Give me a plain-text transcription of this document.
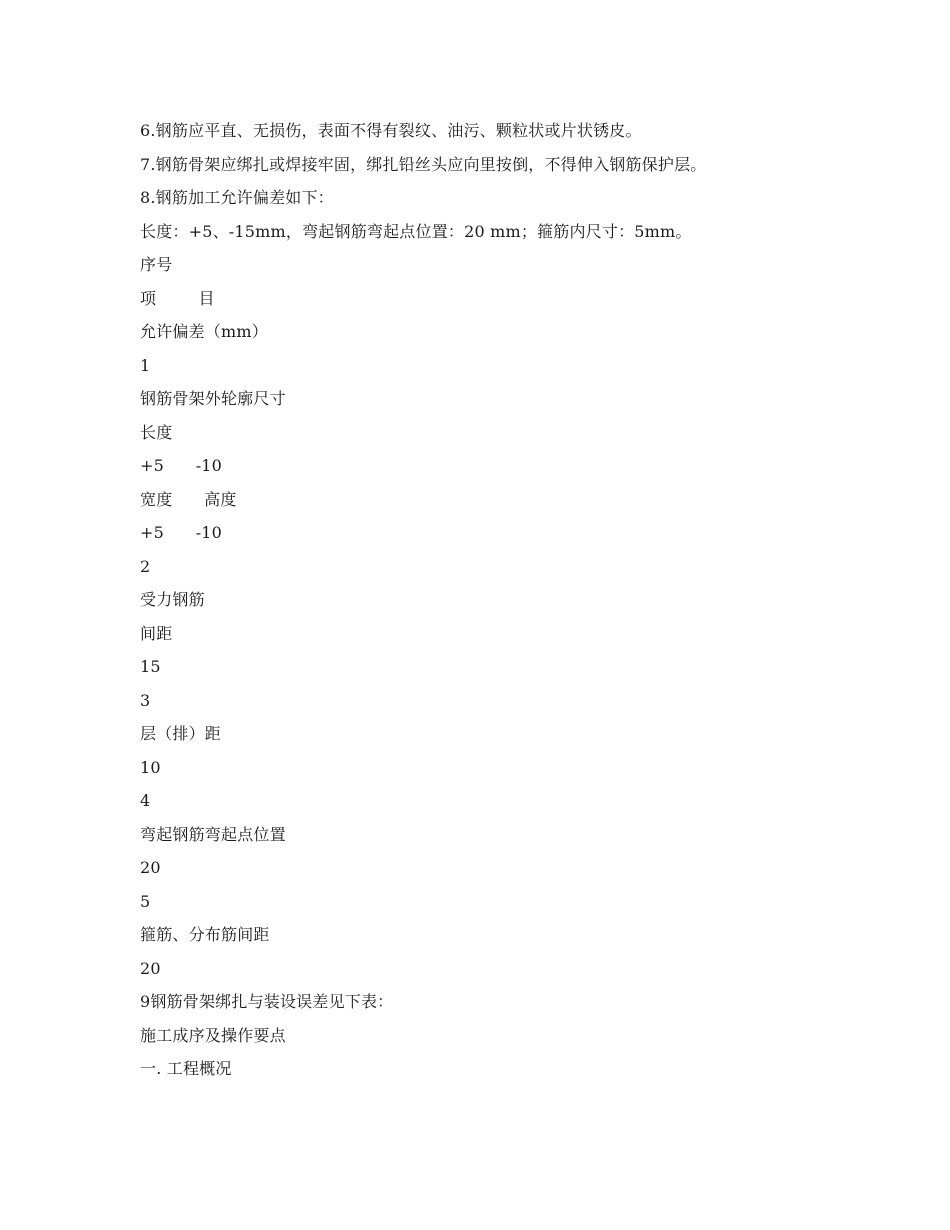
6.钢筋应平直、无损伤，表面不得有裂纹、油污、颗粒状或片状锈皮。
7.钢筋骨架应绑扎或焊接牢固，绑扎铅丝头应向里按倒，不得伸入钢筋保护层。
8.钢筋加工允许偏差如下：
长度：+5、-15mm，弯起钢筋弯起点位置：20 mm；箍筋内尺寸：5mm。
序号
项        目
允许偏差（mm）
1
钢筋骨架外轮廓尺寸
长度
+5      -10
宽度      高度
+5      -10
2
受力钢筋
间距
15
3
层（排）距
10
4
弯起钢筋弯起点位置
20
5
箍筋、分布筋间距
20
9钢筋骨架绑扎与装设误差见下表：
施工成序及操作要点
一. 工程概况
